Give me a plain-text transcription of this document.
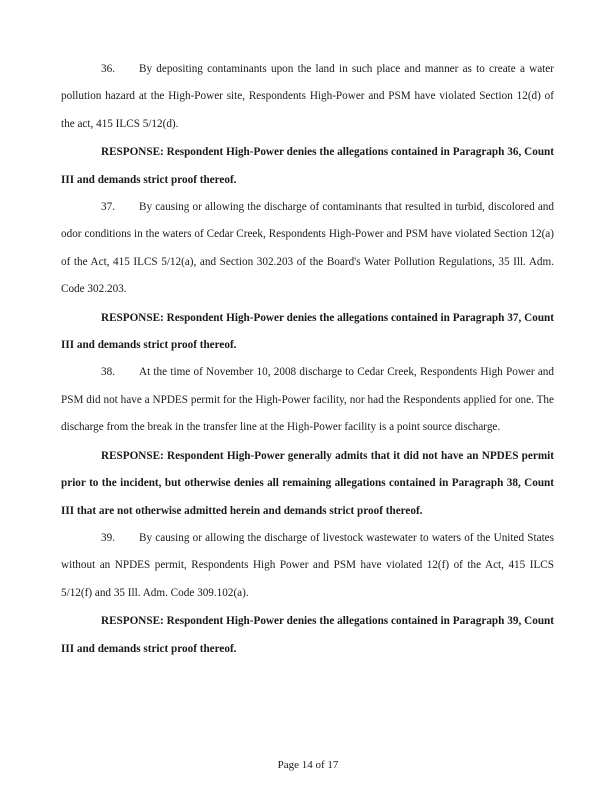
36. By depositing contaminants upon the land in such place and manner as to create a water pollution hazard at the High-Power site, Respondents High-Power and PSM have violated Section 12(d) of the act, 415 ILCS 5/12(d).

RESPONSE: Respondent High-Power denies the allegations contained in Paragraph 36, Count III and demands strict proof thereof.

37. By causing or allowing the discharge of contaminants that resulted in turbid, discolored and odor conditions in the waters of Cedar Creek, Respondents High-Power and PSM have violated Section 12(a) of the Act, 415 ILCS 5/12(a), and Section 302.203 of the Board's Water Pollution Regulations, 35 Ill. Adm. Code 302.203.

RESPONSE: Respondent High-Power denies the allegations contained in Paragraph 37, Count III and demands strict proof thereof.

38. At the time of November 10, 2008 discharge to Cedar Creek, Respondents High Power and PSM did not have a NPDES permit for the High-Power facility, nor had the Respondents applied for one. The discharge from the break in the transfer line at the High-Power facility is a point source discharge.

RESPONSE: Respondent High-Power generally admits that it did not have an NPDES permit prior to the incident, but otherwise denies all remaining allegations contained in Paragraph 38, Count III that are not otherwise admitted herein and demands strict proof thereof.

39. By causing or allowing the discharge of livestock wastewater to waters of the United States without an NPDES permit, Respondents High Power and PSM have violated 12(f) of the Act, 415 ILCS 5/12(f) and 35 Ill. Adm. Code 309.102(a).

RESPONSE: Respondent High-Power denies the allegations contained in Paragraph 39, Count III and demands strict proof thereof.

Page 14 of 17
